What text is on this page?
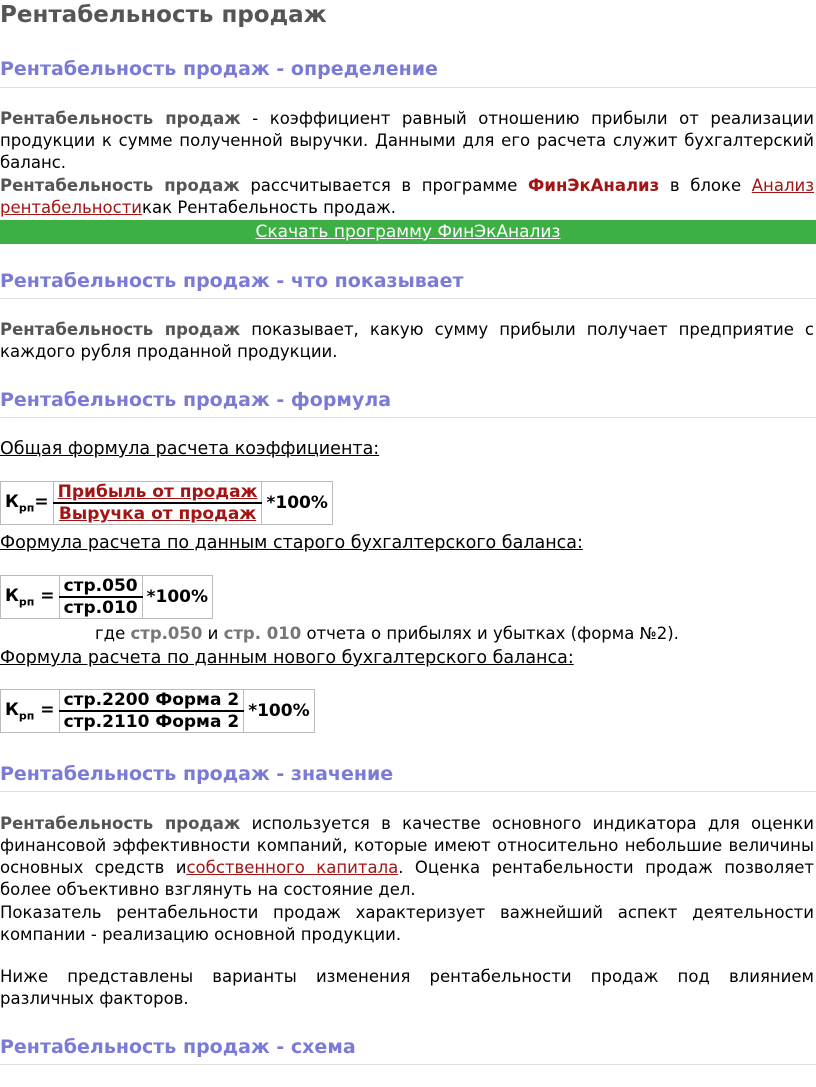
Рентабельность продаж
Рентабельность продаж - определение
Рентабельность продаж - коэффициент равный отношению прибыли от реализации продукции к сумме полученной выручки. Данными для его расчета служит бухгалтерский баланс.
Рентабельность продаж рассчитывается в программе ФинЭкАнализ в блоке Анализ рентабельностикак Рентабельность продаж.
Скачать программу ФинЭкАнализ
Рентабельность продаж - что показывает
Рентабельность продаж показывает, какую сумму прибыли получает предприятие с каждого рубля проданной продукции.
Рентабельность продаж - формула
Общая формула расчета коэффициента:
$К_{рп}=$	Прибыль от продаж	*100%
Выручка от продаж
Формула расчета по данным старого бухгалтерского баланса:
$К_{рп}$ =	стр.050	*100%
стр.010
где стр.050 и стр. 010 отчета о прибылях и убытках (форма №2).
Формула расчета по данным нового бухгалтерского баланса:
$К_{рп}$ =	стр.2200 Форма 2	*100%
стр.2110 Форма 2
Рентабельность продаж - значение
Рентабельность продаж используется в качестве основного индикатора для оценки финансовой эффективности компаний, которые имеют относительно небольшие величины основных средств исобственного капитала. Оценка рентабельности продаж позволяет более объективно взглянуть на состояние дел.
Показатель рентабельности продаж характеризует важнейший аспект деятельности компании - реализацию основной продукции.
Ниже представлены варианты изменения рентабельности продаж под влиянием различных факторов.
Рентабельность продаж - схема
